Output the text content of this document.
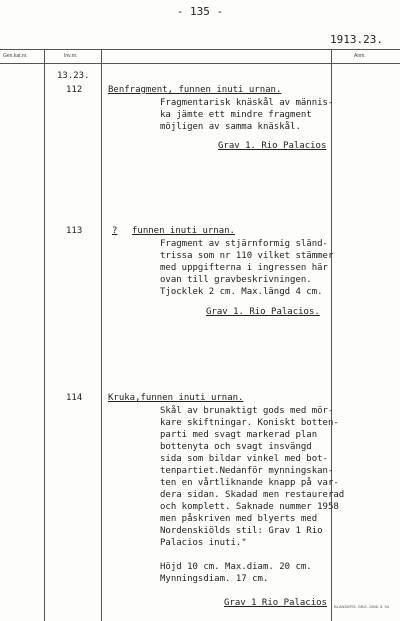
- 135 -
1913.23.
Gen.kat.nr.	Inv.nr.	Anm.
13.23.
112	Benfragment, funnen inuti urnan.
Fragmentarisk knäskål av männis-
ka jämte ett mindre fragment
möjligen av samma knäskål.
Grav 1. Rio Palacios
113	? funnen inuti urnan.
Fragment av stjärnformig sländ-
trissa som nr 110 vilket stämmer
med uppgifterna i ingressen här
ovan till gravbeskrivningen.
Tjocklek 2 cm. Max.längd 4 cm.
Grav 1. Rio Palacios.
114	Kruka,funnen inuti urnan.
Skål av brunaktigt gods med mör-
kare skiftningar. Koniskt botten-
parti med svagt markerad plan
bottenyta och svagt insvängd
sida som bildar vinkel med bot-
tenpartiet.Nedanför mynningskan-
ten en vårtliknande knapp på var-
dera sidan. Skadad men restaurerad
och komplett. Saknade nummer 1958
men påskriven med blyerts med
Nordenskiölds stil: Grav 1 Rio
Palacios inuti."
Höjd 10 cm. Max.diam. 20 cm.
Mynningsdiam. 17 cm.
Grav 1 Rio Palacios BLANDERS. GBG. 1966. 3. 94
